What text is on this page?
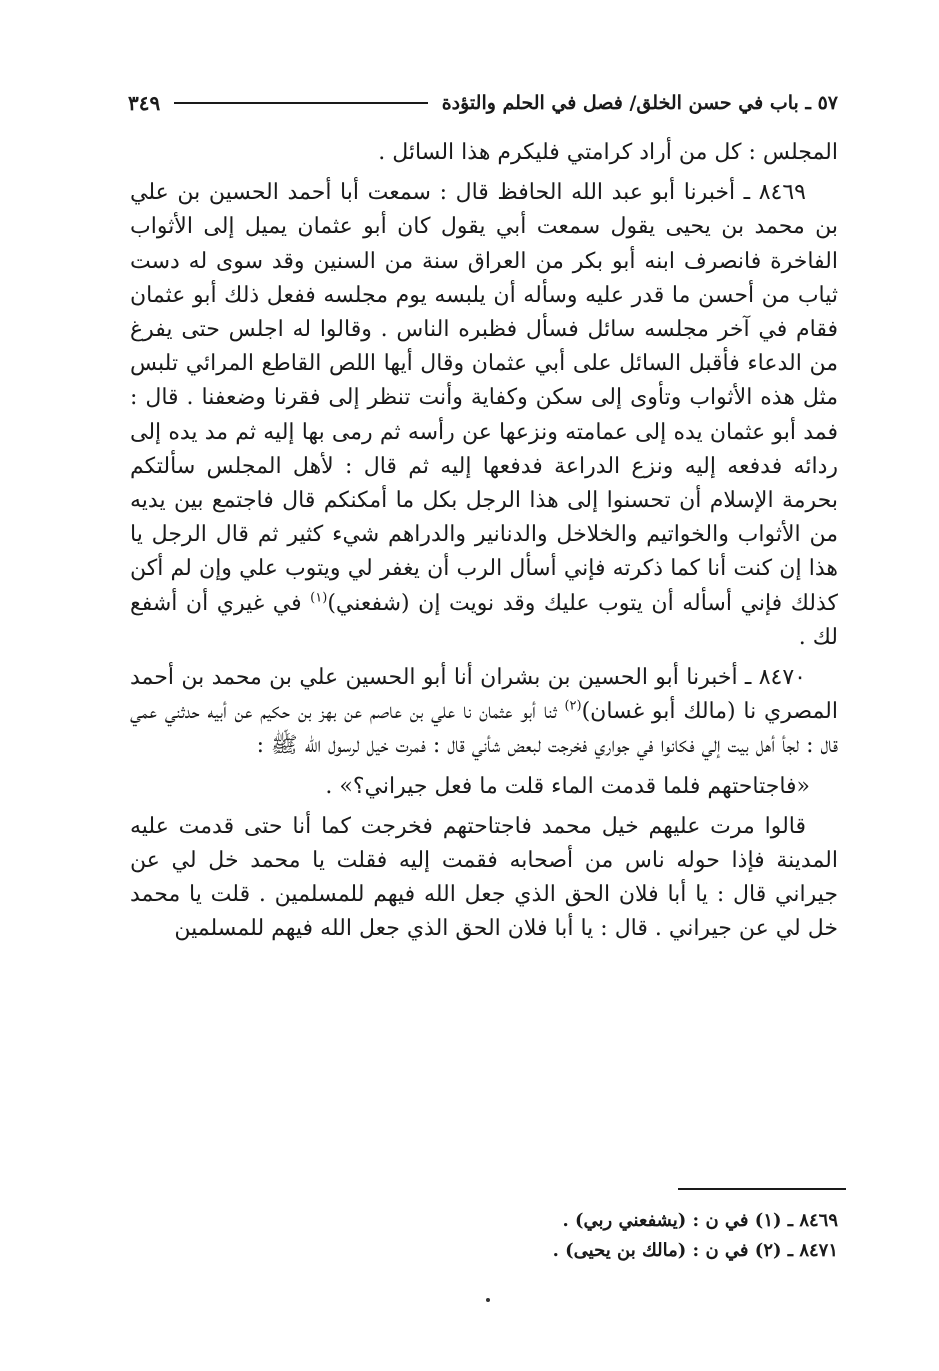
٥٧ ـ باب في حسن الخلق/ فصل في الحلم والتؤدة
٣٤٩

المجلس : كل من أراد كرامتي فليكرم هذا السائل .

٨٤٦٩ ـ أخبرنا أبو عبد الله الحافظ قال : سمعت أبا أحمد الحسين بن علي بن محمد بن يحيى يقول سمعت أبي يقول كان أبو عثمان يميل إلى الأثواب الفاخرة فانصرف ابنه أبو بكر من العراق سنة من السنين وقد سوى له دست ثياب من أحسن ما قدر عليه وسأله أن يلبسه يوم مجلسه ففعل ذلك أبو عثمان فقام في آخر مجلسه سائل فسأل فظبره الناس . وقالوا له اجلس حتى يفرغ من الدعاء فأقبل السائل على أبي عثمان وقال أيها اللص القاطع المرائي تلبس مثل هذه الأثواب وتأوى إلى سكن وكفاية وأنت تنظر إلى فقرنا وضعفنا . قال : فمد أبو عثمان يده إلى عمامته ونزعها عن رأسه ثم رمى بها إليه ثم مد يده إلى ردائه فدفعه إليه ونزع الدراعة فدفعها إليه ثم قال : لأهل المجلس سألتكم بحرمة الإسلام أن تحسنوا إلى هذا الرجل بكل ما أمكنكم قال فاجتمع بين يديه من الأثواب والخواتيم والخلاخل والدنانير والدراهم شيء كثير ثم قال الرجل يا هذا إن كنت أنا كما ذكرته فإني أسأل الرب أن يغفر لي ويتوب علي وإن لم أكن كذلك فإني أسأله أن يتوب عليك وقد نويت إن (شفعني)$^{(١)}$ في غيري أن أشفع لك .

٨٤٧٠ ـ أخبرنا أبو الحسين بن بشران أنا أبو الحسين علي بن محمد بن أحمد المصري نا (مالك أبو غسان)$^{(٢)}$ ثنا أبو عثمان نا علي بن عاصم عن بهز بن حكيم عن أبيه حدثني عمي قال : لجأ أهل بيت إلي فكانوا في جواري فخرجت لبعض شأني قال : فمرت خيل لرسول الله ﷺ :

«فاجتاحتهم فلما قدمت الماء قلت ما فعل جيراني؟» .

قالوا مرت عليهم خيل محمد فاجتاحتهم فخرجت كما أنا حتى قدمت عليه المدينة فإذا حوله ناس من أصحابه فقمت إليه فقلت يا محمد خل لي عن جيراني قال : يا أبا فلان الحق الذي جعل الله فيهم للمسلمين . قلت يا محمد خل لي عن جيراني . قال : يا أبا فلان الحق الذي جعل الله فيهم للمسلمين

٨٤٦٩ ـ (١) في ن : (يشفعني ربي) .

٨٤٧١ ـ (٢) في ن : (مالك بن يحيى) .
